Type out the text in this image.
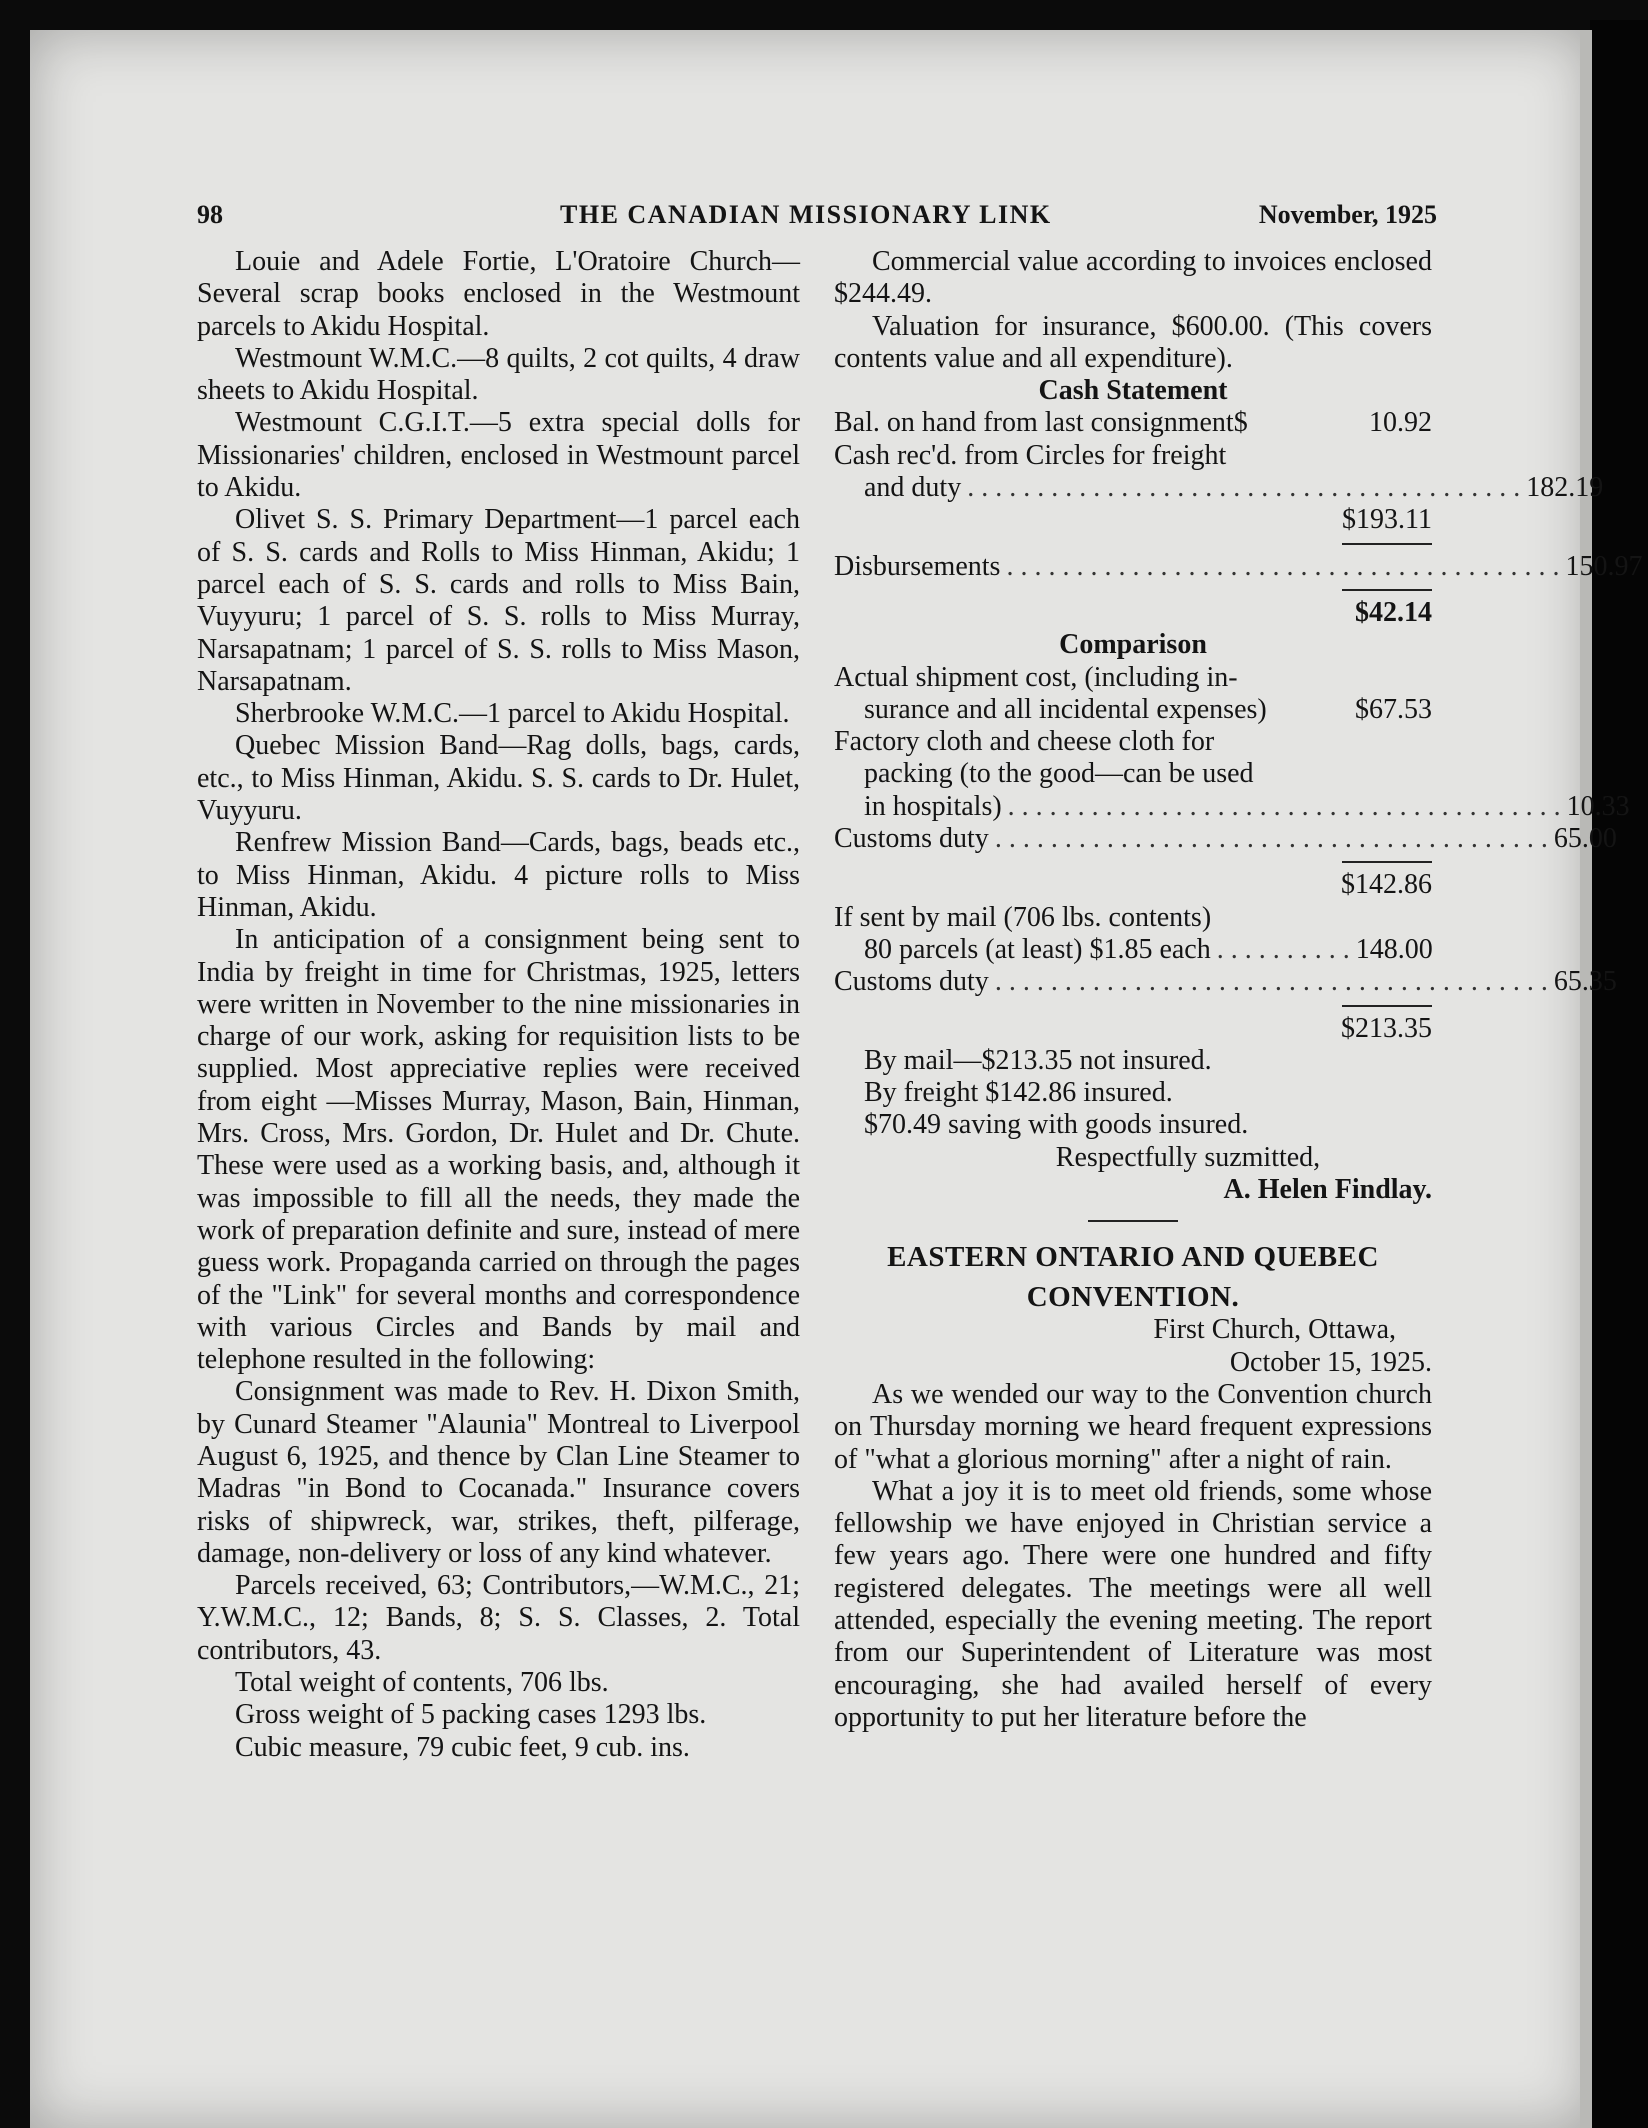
98	THE CANADIAN MISSIONARY LINK	November, 1925

Louie and Adele Fortie, L'Oratoire Church—Several scrap books enclosed in the Westmount parcels to Akidu Hospital.

Westmount W.M.C.—8 quilts, 2 cot quilts, 4 draw sheets to Akidu Hospital.

Westmount C.G.I.T.—5 extra special dolls for Missionaries' children, enclosed in Westmount parcel to Akidu.

Olivet S. S. Primary Department—1 parcel each of S. S. cards and Rolls to Miss Hinman, Akidu; 1 parcel each of S. S. cards and rolls to Miss Bain, Vuyyuru; 1 parcel of S. S. rolls to Miss Murray, Narsapatnam; 1 parcel of S. S. rolls to Miss Mason, Narsapatnam.

Sherbrooke W.M.C.—1 parcel to Akidu Hospital.

Quebec Mission Band—Rag dolls, bags, cards, etc., to Miss Hinman, Akidu. S. S. cards to Dr. Hulet, Vuyyuru.

Renfrew Mission Band—Cards, bags, beads etc., to Miss Hinman, Akidu. 4 picture rolls to Miss Hinman, Akidu.

In anticipation of a consignment being sent to India by freight in time for Christmas, 1925, letters were written in November to the nine missionaries in charge of our work, asking for requisition lists to be supplied. Most appreciative replies were received from eight —Misses Murray, Mason, Bain, Hinman, Mrs. Cross, Mrs. Gordon, Dr. Hulet and Dr. Chute. These were used as a working basis, and, although it was impossible to fill all the needs, they made the work of preparation definite and sure, instead of mere guess work. Propaganda carried on through the pages of the "Link" for several months and correspondence with various Circles and Bands by mail and telephone resulted in the following:

Consignment was made to Rev. H. Dixon Smith, by Cunard Steamer "Alaunia" Montreal to Liverpool August 6, 1925, and thence by Clan Line Steamer to Madras "in Bond to Cocanada." Insurance covers risks of shipwreck, war, strikes, theft, pilferage, damage, non-delivery or loss of any kind whatever.

Parcels received, 63; Contributors,—W.M.C., 21; Y.W.M.C., 12; Bands, 8; S. S. Classes, 2. Total contributors, 43.

Total weight of contents, 706 lbs.

Gross weight of 5 packing cases 1293 lbs.

Cubic measure, 79 cubic feet, 9 cub. ins.

Commercial value according to invoices enclosed $244.49.

Valuation for insurance, $600.00. (This covers contents value and all expenditure).

Cash Statement
Bal. on hand from last consignment$	10.92
Cash rec'd. from Circles for freight
and duty . . . . . . . . . . . . . . . . . . . . . . . . . . . . . . . . . . . . . . . . 182.19
$193.11
Disbursements . . . . . . . . . . . . . . . . . . . . . . . . . . . . . . . . . . . . . . . . 150.97
$42.14
Comparison
Actual shipment cost, (including in-
surance and all incidental expenses)	$67.53
Factory cloth and cheese cloth for
packing (to the good—can be used
in hospitals) . . . . . . . . . . . . . . . . . . . . . . . . . . . . . . . . . . . . . . . . 10.33
Customs duty . . . . . . . . . . . . . . . . . . . . . . . . . . . . . . . . . . . . . . . . 65.00
$142.86
If sent by mail (706 lbs. contents)
80 parcels (at least) $1.85 each . . . . . . . . . . 148.00
Customs duty . . . . . . . . . . . . . . . . . . . . . . . . . . . . . . . . . . . . . . . . 65.35
$213.35
By mail—$213.35 not insured.
By freight $142.86 insured.
$70.49 saving with goods insured.
Respectfully suzmitted,
A. Helen Findlay.
EASTERN ONTARIO AND QUEBEC
CONVENTION.
First Church, Ottawa,
October 15, 1925.

As we wended our way to the Convention church on Thursday morning we heard frequent expressions of "what a glorious morning" after a night of rain.

What a joy it is to meet old friends, some whose fellowship we have enjoyed in Christian service a few years ago. There were one hundred and fifty registered delegates. The meetings were all well attended, especially the evening meeting. The report from our Superintendent of Literature was most encouraging, she had availed herself of every opportunity to put her literature before the
